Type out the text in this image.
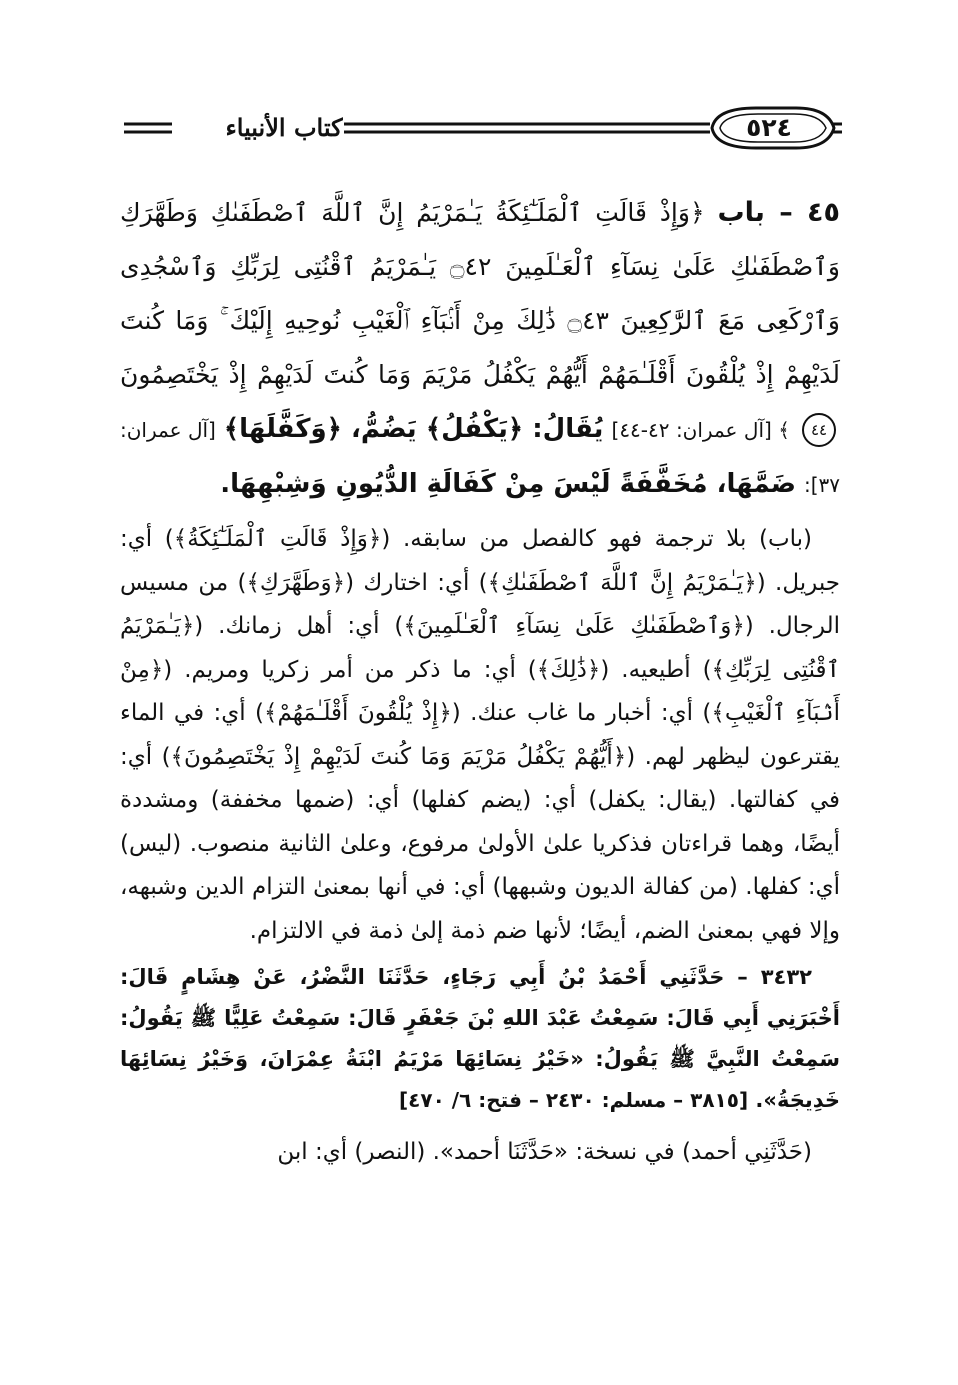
٥٢٤
كتاب الأنبياء

٤٥ – باب ﴿وَإِذْ قَالَتِ ٱلْمَلَـٰٓئِكَةُ يَـٰمَرْيَمُ إِنَّ ٱللَّهَ ٱصْطَفَىٰكِ وَطَهَّرَكِ وَٱصْطَفَىٰكِ عَلَىٰ نِسَآءِ ٱلْعَـٰلَمِينَ ۝٤٢ يَـٰمَرْيَمُ ٱقْنُتِى لِرَبِّكِ وَٱسْجُدِى وَٱرْكَعِى مَعَ ٱلرَّٰكِعِينَ ۝٤٣ ذَٰلِكَ مِنْ أَنۢبَآءِ ٱلْغَيْبِ نُوحِيهِ إِلَيْكَ ۚ وَمَا كُنتَ لَدَيْهِمْ إِذْ يُلْقُونَ أَقْلَـٰمَهُمْ أَيُّهُمْ يَكْفُلُ مَرْيَمَ وَمَا كُنتَ لَدَيْهِمْ إِذْ يَخْتَصِمُونَ ٤٤ ﴾ [آل عمران: ٤٢-٤٤] يُقَالُ: ﴿يَكْفُلُ﴾ يَضُمُّ، ﴿وَكَفَّلَهَا﴾ [آل عمران: ٣٧]: ضَمَّهَا، مُخَفَّفَةً لَيْسَ مِنْ كَفَالَةِ الدُّيُونِ وَشِبْهِهَا.

(باب) بلا ترجمة فهو كالفصل من سابقه. (﴿وَإِذْ قَالَتِ ٱلْمَلَـٰٓئِكَةُ﴾) أي: جبريل. (﴿يَـٰمَرْيَمُ إِنَّ ٱللَّهَ ٱصْطَفَىٰكِ﴾) أي: اختارك (﴿وَطَهَّرَكِ﴾) من مسيس الرجال. (﴿وَٱصْطَفَىٰكِ عَلَىٰ نِسَآءِ ٱلْعَـٰلَمِينَ﴾) أي: أهل زمانك. (﴿يَـٰمَرْيَمُ ٱقْنُتِى لِرَبِّكِ﴾) أطيعيه. (﴿ذَٰلِكَ﴾) أي: ما ذكر من أمر زكريا ومريم. (﴿مِنْ أَنۢبَآءِ ٱلْغَيْبِ﴾) أي: أخبار ما غاب عنك. (﴿إِذْ يُلْقُونَ أَقْلَـٰمَهُمْ﴾) أي: في الماء يقترعون ليظهر لهم. (﴿أَيُّهُمْ يَكْفُلُ مَرْيَمَ وَمَا كُنتَ لَدَيْهِمْ إِذْ يَخْتَصِمُونَ﴾) أي: في كفالتها. (يقال: يكفل) أي: (يضم كفلها) أي: (ضمها مخففة) ومشددة أيضًا، وهما قراءتان فذكريا علىٰ الأولىٰ مرفوع، وعلىٰ الثانية منصوب. (ليس) أي: كفلها. (من كفالة الديون وشبهها) أي: في أنها بمعنىٰ التزام الدين وشبهه، وإلا فهي بمعنىٰ الضم، أيضًا؛ لأنها ضم ذمة إلىٰ ذمة في الالتزام.

٣٤٣٢ – حَدَّثَنِي أَحْمَدُ بْنُ أَبِي رَجَاءٍ، حَدَّثَنَا النَّضْرُ، عَنْ هِشَامٍ قَالَ: أَخْبَرَنِي أَبِي قَالَ: سَمِعْتُ عَبْدَ اللهِ بْنَ جَعْفَرٍ قَالَ: سَمِعْتُ عَلِيًّا ﷺ يَقُولُ: سَمِعْتُ النَّبِيَّ ﷺ يَقُولُ: «خَيْرُ نِسَائِهَا مَرْيَمُ ابْنَةُ عِمْرَانَ، وَخَيْرُ نِسَائِهَا خَدِيجَةُ». [٣٨١٥ – مسلم: ٢٤٣٠ – فتح: ٦/ ٤٧٠]

(حَدَّثَنِي أحمد) في نسخة: «حَدَّثَنَا أحمد». (النصر) أي: ابن
